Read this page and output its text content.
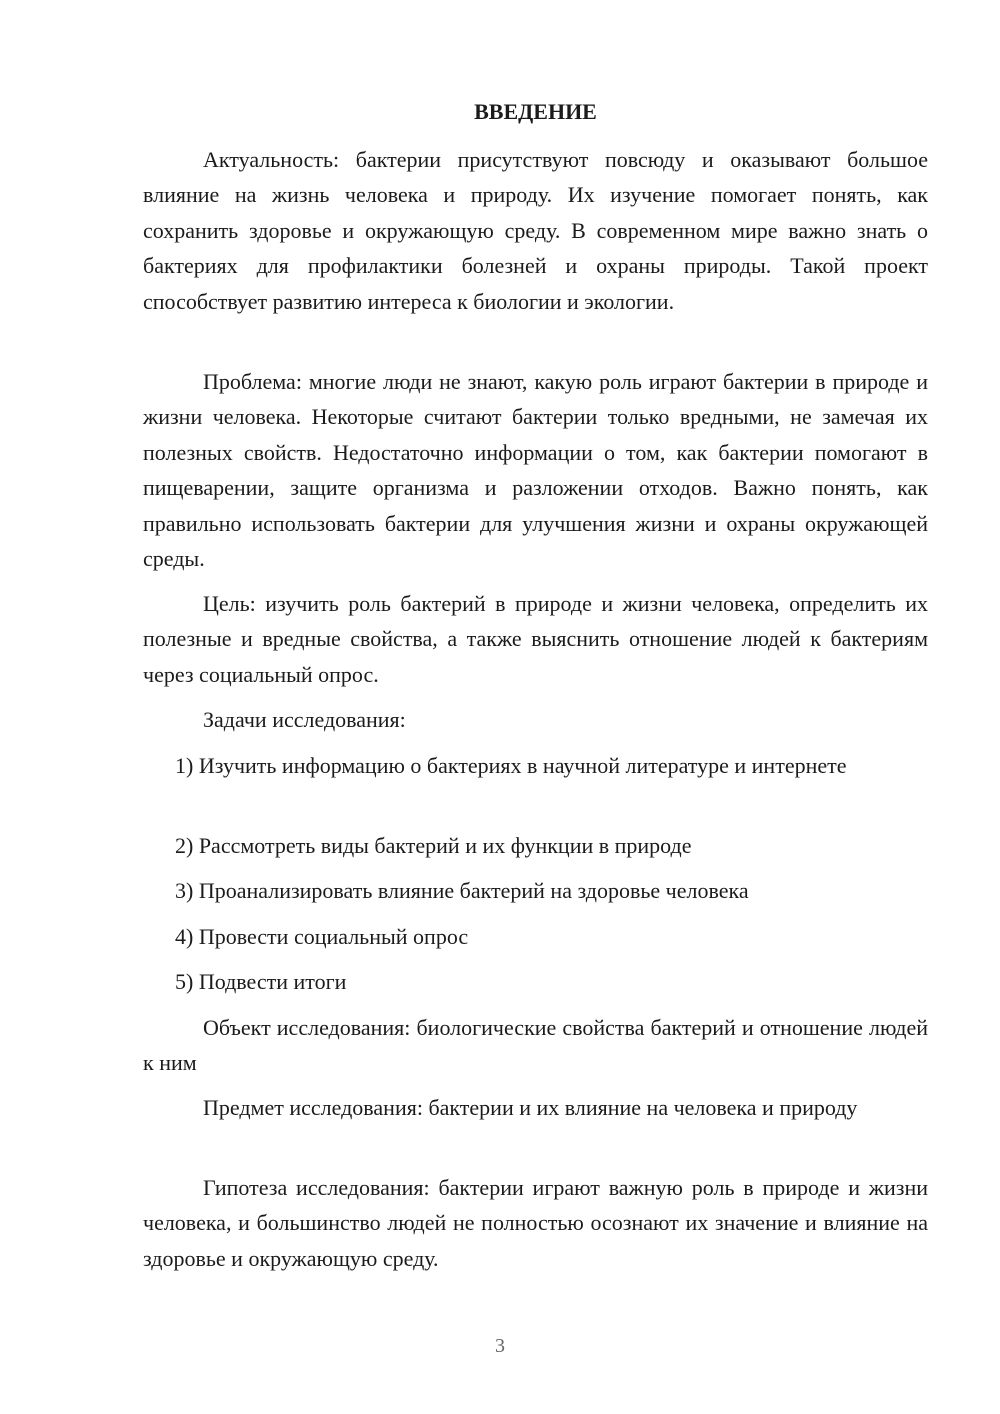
ВВЕДЕНИЕ

Актуальность: бактерии присутствуют повсюду и оказывают большое влияние на жизнь человека и природу. Их изучение помогает понять, как сохранить здоровье и окружающую среду. В современном мире важно знать о бактериях для профилактики болезней и охраны природы. Такой проект способствует развитию интереса к биологии и экологии.

Проблема: многие люди не знают, какую роль играют бактерии в природе и жизни человека. Некоторые считают бактерии только вредными, не замечая их полезных свойств. Недостаточно информации о том, как бактерии помогают в пищеварении, защите организма и разложении отходов. Важно понять, как правильно использовать бактерии для улучшения жизни и охраны окружающей среды.

Цель: изучить роль бактерий в природе и жизни человека, определить их полезные и вредные свойства, а также выяснить отношение людей к бактериям через социальный опрос.

Задачи исследования:

1) Изучить информацию о бактериях в научной литературе и интернете
2) Рассмотреть виды бактерий и их функции в природе
3) Проанализировать влияние бактерий на здоровье человека
4) Провести социальный опрос
5) Подвести итоги

Объект исследования: биологические свойства бактерий и отношение людей к ним

Предмет исследования: бактерии и их влияние на человека и природу

Гипотеза исследования: бактерии играют важную роль в природе и жизни человека, и большинство людей не полностью осознают их значение и влияние на здоровье и окружающую среду.

3
